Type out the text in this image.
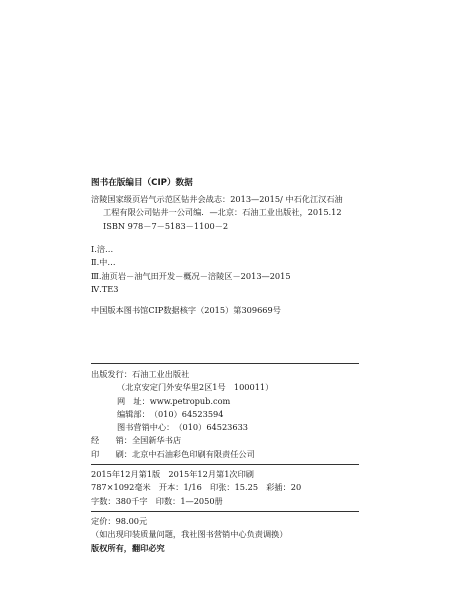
图书在版编目（CIP）数据
涪陵国家级页岩气示范区钻井会战志：2013—2015/ 中石化江汉石油
工程有限公司钻井一公司编．—北京：石油工业出版社，2015.12
ISBN 978－7－5183－1100－2
Ⅰ.涪…
Ⅱ.中…
Ⅲ.油页岩－油气田开发－概况－涪陵区－2013—2015
Ⅳ.TE3
中国版本图书馆CIP数据核字（2015）第309669号
出版发行： 石油工业出版社
（北京安定门外安华里2区1号　100011）
网　址： www.petropub.com
编辑部： （010）64523594
图书营销中心： （010）64523633
经　　销： 全国新华书店
印　　刷： 北京中石油彩色印刷有限责任公司
2015年12月第1版　2015年12月第1次印刷
787×1092毫米　开本：1/16　印张：15.25　彩插：20
字数：380千字　印数：1—2050册
定价：98.00元
（如出现印装质量问题，我社图书营销中心负责调换）
版权所有，翻印必究
